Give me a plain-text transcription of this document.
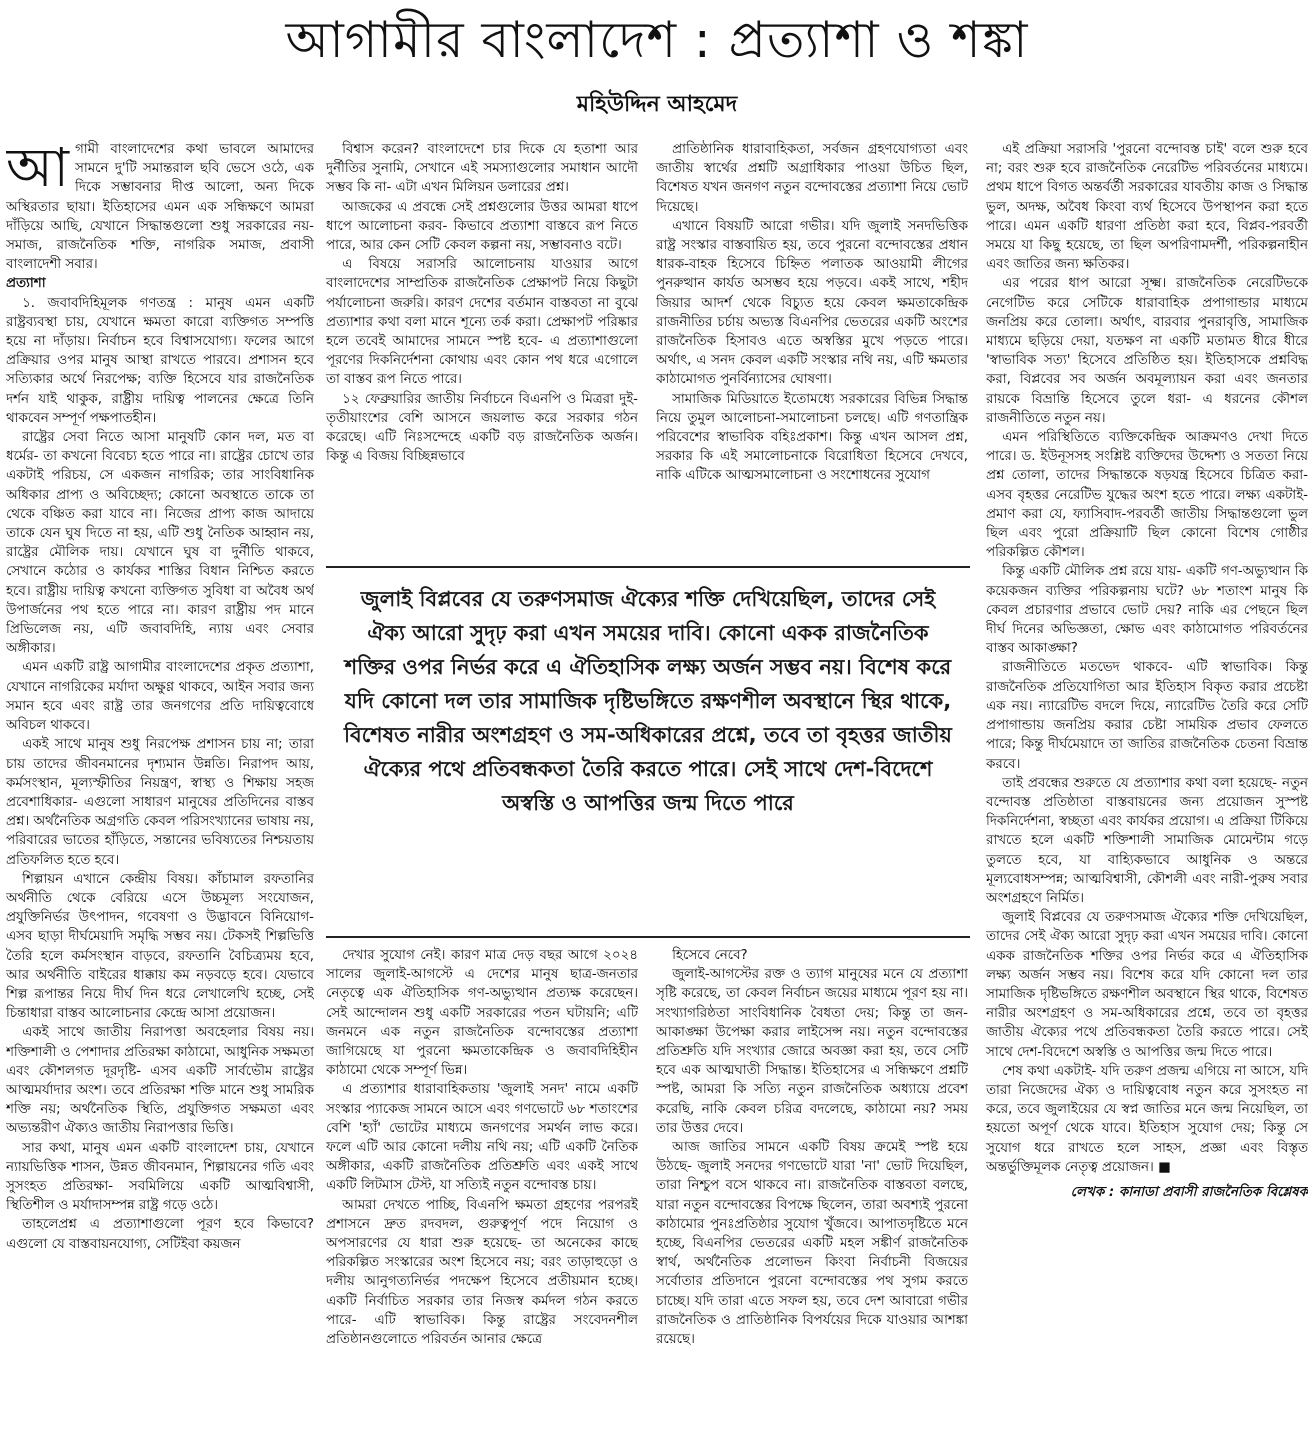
আগামীর বাংলাদেশ : প্রত্যাশা ও শঙ্কা
মহিউদ্দিন আহমেদ

আগামী বাংলাদেশের কথা ভাবলে আমাদের সামনে দু'টি সমান্তরাল ছবি ভেসে ওঠে, এক দিকে সম্ভাবনার দীপ্ত আলো, অন্য দিকে অস্থিরতার ছায়া। ইতিহাসের এমন এক সন্ধিক্ষণে আমরা দাঁড়িয়ে আছি, যেখানে সিদ্ধান্তগুলো শুধু সরকারের নয়- সমাজ, রাজনৈতিক শক্তি, নাগরিক সমাজ, প্রবাসী বাংলাদেশী সবার।

প্রত্যাশা

১. জবাবদিহিমূলক গণতন্ত্র : মানুষ এমন একটি রাষ্ট্রব্যবস্থা চায়, যেখানে ক্ষমতা কারো ব্যক্তিগত সম্পত্তি হয়ে না দাঁড়ায়। নির্বাচন হবে বিশ্বাসযোগ্য। ফলের আগে প্রক্রিয়ার ওপর মানুষ আস্থা রাখতে পারবে। প্রশাসন হবে সত্যিকার অর্থে নিরপেক্ষ; ব্যক্তি হিসেবে যার রাজনৈতিক দর্শন যাই থাকুক, রাষ্ট্রীয় দায়িত্ব পালনের ক্ষেত্রে তিনি থাকবেন সম্পূর্ণ পক্ষপাতহীন।

রাষ্ট্রের সেবা নিতে আসা মানুষটি কোন দল, মত বা ধর্মের- তা কখনো বিবেচ্য হতে পারে না। রাষ্ট্রের চোখে তার একটাই পরিচয়, সে একজন নাগরিক; তার সাংবিধানিক অধিকার প্রাপ্য ও অবিচ্ছেদ্য; কোনো অবস্থাতে তাকে তা থেকে বঞ্চিত করা যাবে না। নিজের প্রাপ্য কাজ আদায়ে তাকে যেন ঘুষ দিতে না হয়, এটি শুধু নৈতিক আহ্বান নয়, রাষ্ট্রের মৌলিক দায়। যেখানে ঘুষ বা দুর্নীতি থাকবে, সেখানে কঠোর ও কার্যকর শাস্তির বিধান নিশ্চিত করতে হবে। রাষ্ট্রীয় দায়িত্ব কখনো ব্যক্তিগত সুবিধা বা অবৈধ অর্থ উপার্জনের পথ হতে পারে না। কারণ রাষ্ট্রীয় পদ মানে প্রিভিলেজ নয়, এটি জবাবদিহি, ন্যায় এবং সেবার অঙ্গীকার।

এমন একটি রাষ্ট্র আগামীর বাংলাদেশের প্রকৃত প্রত্যাশা, যেখানে নাগরিকের মর্যাদা অক্ষুণ্ণ থাকবে, আইন সবার জন্য সমান হবে এবং রাষ্ট্র তার জনগণের প্রতি দায়িত্ববোধে অবিচল থাকবে।

একই সাথে মানুষ শুধু নিরপেক্ষ প্রশাসন চায় না; তারা চায় তাদের জীবনমানের দৃশ্যমান উন্নতি। নিরাপদ আয়, কর্মসংস্থান, মূল্যস্ফীতির নিয়ন্ত্রণ, স্বাস্থ্য ও শিক্ষায় সহজ প্রবেশাধিকার- এগুলো সাধারণ মানুষের প্রতিদিনের বাস্তব প্রশ্ন। অর্থনৈতিক অগ্রগতি কেবল পরিসংখ্যানের ভাষায় নয়, পরিবারের ভাতের হাঁড়িতে, সন্তানের ভবিষ্যতের নিশ্চয়তায় প্রতিফলিত হতে হবে।

শিল্পায়ন এখানে কেন্দ্রীয় বিষয়। কাঁচামাল রফতানির অর্থনীতি থেকে বেরিয়ে এসে উচ্চমূল্য সংযোজন, প্রযুক্তিনির্ভর উৎপাদন, গবেষণা ও উদ্ভাবনে বিনিয়োগ- এসব ছাড়া দীর্ঘমেয়াদি সমৃদ্ধি সম্ভব নয়। টেকসই শিল্পভিত্তি তৈরি হলে কর্মসংস্থান বাড়বে, রফতানি বৈচিত্র্যময় হবে, আর অর্থনীতি বাইরের ধাক্কায় কম নড়বড়ে হবে। যেভাবে শিল্প রূপান্তর নিয়ে দীর্ঘ দিন ধরে লেখালেখি হচ্ছে, সেই চিন্তাধারা বাস্তব আলোচনার কেন্দ্রে আসা প্রয়োজন।

একই সাথে জাতীয় নিরাপত্তা অবহেলার বিষয় নয়। শক্তিশালী ও পেশাদার প্রতিরক্ষা কাঠামো, আধুনিক সক্ষমতা এবং কৌশলগত দূরদৃষ্টি- এসব একটি সার্বভৌম রাষ্ট্রের আত্মমর্যাদার অংশ। তবে প্রতিরক্ষা শক্তি মানে শুধু সামরিক শক্তি নয়; অর্থনৈতিক স্থিতি, প্রযুক্তিগত সক্ষমতা এবং অভ্যন্তরীণ ঐক্যও জাতীয় নিরাপত্তার ভিত্তি।

সার কথা, মানুষ এমন একটি বাংলাদেশ চায়, যেখানে ন্যায়ভিত্তিক শাসন, উন্নত জীবনমান, শিল্পায়নের গতি এবং সুসংহত প্রতিরক্ষা- সবমিলিয়ে একটি আত্মবিশ্বাসী, স্থিতিশীল ও মর্যাদাসম্পন্ন রাষ্ট্র গড়ে ওঠে।

তাহলেপ্রশ্ন এ প্রত্যাশাগুলো পূরণ হবে কিভাবে? এগুলো যে বাস্তবায়নযোগ্য, সেটিইবা কয়জন

বিশ্বাস করেন? বাংলাদেশে চার দিকে যে হতাশা আর দুর্নীতির সুনামি, সেখানে এই সমস্যাগুলোর সমাধান আদৌ সম্ভব কি না- এটা এখন মিলিয়ন ডলারের প্রশ্ন।

আজকের এ প্রবন্ধে সেই প্রশ্নগুলোর উত্তর আমরা ধাপে ধাপে আলোচনা করব- কিভাবে প্রত্যাশা বাস্তবে রূপ নিতে পারে, আর কেন সেটি কেবল কল্পনা নয়, সম্ভাবনাও বটে।

এ বিষয়ে সরাসরি আলোচনায় যাওয়ার আগে বাংলাদেশের সাম্প্রতিক রাজনৈতিক প্রেক্ষাপট নিয়ে কিছুটা পর্যালোচনা জরুরি। কারণ দেশের বর্তমান বাস্তবতা না বুঝে প্রত্যাশার কথা বলা মানে শূন্যে তর্ক করা। প্রেক্ষাপট পরিষ্কার হলে তবেই আমাদের সামনে স্পষ্ট হবে- এ প্রত্যাশাগুলো পূরণের দিকনির্দেশনা কোথায় এবং কোন পথ ধরে এগোলে তা বাস্তব রূপ নিতে পারে।

১২ ফেব্রুয়ারির জাতীয় নির্বাচনে বিএনপি ও মিত্ররা দুই-তৃতীয়াংশের বেশি আসনে জয়লাভ করে সরকার গঠন করেছে। এটি নিঃসন্দেহে একটি বড় রাজনৈতিক অর্জন। কিন্তু এ বিজয় বিচ্ছিন্নভাবে

প্রাতিষ্ঠানিক ধারাবাহিকতা, সর্বজন গ্রহণযোগ্যতা এবং জাতীয় স্বার্থের প্রশ্নটি অগ্রাধিকার পাওয়া উচিত ছিল, বিশেষত যখন জনগণ নতুন বন্দোবস্তের প্রত্যাশা নিয়ে ভোট দিয়েছে।

এখানে বিষয়টি আরো গভীর। যদি জুলাই সনদভিত্তিক রাষ্ট্র সংস্কার বাস্তবায়িত হয়, তবে পুরনো বন্দোবস্তের প্রধান ধারক-বাহক হিসেবে চিহ্নিত পলাতক আওয়ামী লীগের পুনরুত্থান কার্যত অসম্ভব হয়ে পড়বে। একই সাথে, শহীদ জিয়ার আদর্শ থেকে বিচ্যুত হয়ে কেবল ক্ষমতাকেন্দ্রিক রাজনীতির চর্চায় অভ্যস্ত বিএনপির ভেতরের একটি অংশের রাজনৈতিক হিসাবও এতে অস্বস্তির মুখে পড়তে পারে। অর্থাৎ, এ সনদ কেবল একটি সংস্কার নথি নয়, এটি ক্ষমতার কাঠামোগত পুনর্বিন্যাসের ঘোষণা।

সামাজিক মিডিয়াতে ইতোমধ্যে সরকারের বিভিন্ন সিদ্ধান্ত নিয়ে তুমুল আলোচনা-সমালোচনা চলছে। এটি গণতান্ত্রিক পরিবেশের স্বাভাবিক বহিঃপ্রকাশ। কিন্তু এখন আসল প্রশ্ন, সরকার কি এই সমালোচনাকে বিরোধিতা হিসেবে দেখবে, নাকি এটিকে আত্মসমালোচনা ও সংশোধনের সুযোগ

জুলাই বিপ্লবের যে তরুণসমাজ ঐক্যের শক্তি দেখিয়েছিল, তাদের সেই ঐক্য আরো সুদৃঢ় করা এখন সময়ের দাবি। কোনো একক রাজনৈতিক শক্তির ওপর নির্ভর করে এ ঐতিহাসিক লক্ষ্য অর্জন সম্ভব নয়। বিশেষ করে যদি কোনো দল তার সামাজিক দৃষ্টিভঙ্গিতে রক্ষণশীল অবস্থানে স্থির থাকে, বিশেষত নারীর অংশগ্রহণ ও সম-অধিকারের প্রশ্নে, তবে তা বৃহত্তর জাতীয় ঐক্যের পথে প্রতিবন্ধকতা তৈরি করতে পারে। সেই সাথে দেশ-বিদেশে অস্বস্তি ও আপত্তির জন্ম দিতে পারে

দেখার সুযোগ নেই। কারণ মাত্র দেড় বছর আগে ২০২৪ সালের জুলাই-আগস্টে এ দেশের মানুষ ছাত্র-জনতার নেতৃত্বে এক ঐতিহাসিক গণ-অভ্যুত্থান প্রত্যক্ষ করেছেন। সেই আন্দোলন শুধু একটি সরকারের পতন ঘটায়নি; এটি জনমনে এক নতুন রাজনৈতিক বন্দোবস্তের প্রত্যাশা জাগিয়েছে যা পুরনো ক্ষমতাকেন্দ্রিক ও জবাবদিহিহীন কাঠামো থেকে সম্পূর্ণ ভিন্ন।

এ প্রত্যাশার ধারাবাহিকতায় 'জুলাই সনদ' নামে একটি সংস্কার প্যাকেজ সামনে আসে এবং গণভোটে ৬৮ শতাংশের বেশি 'হ্যাঁ' ভোটের মাধ্যমে জনগণের সমর্থন লাভ করে। ফলে এটি আর কোনো দলীয় নথি নয়; এটি একটি নৈতিক অঙ্গীকার, একটি রাজনৈতিক প্রতিশ্রুতি এবং একই সাথে একটি লিটমাস টেস্ট, যা সত্যিই নতুন বন্দোবস্ত চায়।

আমরা দেখতে পাচ্ছি, বিএনপি ক্ষমতা গ্রহণের পরপরই প্রশাসনে দ্রুত রদবদল, গুরুত্বপূর্ণ পদে নিয়োগ ও অপসারণের যে ধারা শুরু হয়েছে- তা অনেকের কাছে পরিকল্পিত সংস্কারের অংশ হিসেবে নয়; বরং তাড়াহুড়ো ও দলীয় আনুগত্যনির্ভর পদক্ষেপ হিসেবে প্রতীয়মান হচ্ছে। একটি নির্বাচিত সরকার তার নিজস্ব কর্মদল গঠন করতে পারে- এটি স্বাভাবিক। কিন্তু রাষ্ট্রের সংবেদনশীল প্রতিষ্ঠানগুলোতে পরিবর্তন আনার ক্ষেত্রে

হিসেবে নেবে?

জুলাই-আগস্টের রক্ত ও ত্যাগ মানুষের মনে যে প্রত্যাশা সৃষ্টি করেছে, তা কেবল নির্বাচন জয়ের মাধ্যমে পূরণ হয় না। সংখ্যাগরিষ্ঠতা সাংবিধানিক বৈধতা দেয়; কিন্তু তা জন-আকাঙ্ক্ষা উপেক্ষা করার লাইসেন্স নয়। নতুন বন্দোবস্তের প্রতিশ্রুতি যদি সংখ্যার জোরে অবজ্ঞা করা হয়, তবে সেটি হবে এক আত্মঘাতী সিদ্ধান্ত। ইতিহাসের এ সন্ধিক্ষণে প্রশ্নটি স্পষ্ট, আমরা কি সত্যি নতুন রাজনৈতিক অধ্যায়ে প্রবেশ করেছি, নাকি কেবল চরিত্র বদলেছে, কাঠামো নয়? সময় তার উত্তর দেবে।

আজ জাতির সামনে একটি বিষয় ক্রমেই স্পষ্ট হয়ে উঠছে- জুলাই সনদের গণভোটে যারা 'না' ভোট দিয়েছিল, তারা নিশ্চুপ বসে থাকবে না। রাজনৈতিক বাস্তবতা বলছে, যারা নতুন বন্দোবস্তের বিপক্ষে ছিলেন, তারা অবশ্যই পুরনো কাঠামোর পুনঃপ্রতিষ্ঠার সুযোগ খুঁজবে। আপাতদৃষ্টিতে মনে হচ্ছে, বিএনপির ভেতরের একটি মহল সঙ্কীর্ণ রাজনৈতিক স্বার্থ, অর্থনৈতিক প্রলোভন কিংবা নির্বাচনী বিজয়ের সর্বোতার প্রতিদানে পুরনো বন্দোবস্তের পথ সুগম করতে চাচ্ছে। যদি তারা এতে সফল হয়, তবে দেশ আবারো গভীর রাজনৈতিক ও প্রাতিষ্ঠানিক বিপর্যয়ের দিকে যাওয়ার আশঙ্কা রয়েছে।

এই প্রক্রিয়া সরাসরি 'পুরনো বন্দোবস্ত চাই' বলে শুরু হবে না; বরং শুরু হবে রাজনৈতিক নেরেটিভ পরিবর্তনের মাধ্যমে। প্রথম ধাপে বিগত অন্তর্বর্তী সরকারের যাবতীয় কাজ ও সিদ্ধান্ত ভুল, অদক্ষ, অবৈধ কিংবা ব্যর্থ হিসেবে উপস্থাপন করা হতে পারে। এমন একটি ধারণা প্রতিষ্ঠা করা হবে, বিপ্লব-পরবর্তী সময়ে যা কিছু হয়েছে, তা ছিল অপরিণামদর্শী, পরিকল্পনাহীন এবং জাতির জন্য ক্ষতিকর।

এর পরের ধাপ আরো সূক্ষ্ম। রাজনৈতিক নেরেটিভকে নেগেটিভ করে সেটিকে ধারাবাহিক প্রপাগান্ডার মাধ্যমে জনপ্রিয় করে তোলা। অর্থাৎ, বারবার পুনরাবৃত্তি, সামাজিক মাধ্যমে ছড়িয়ে দেয়া, যতক্ষণ না একটি মতামত ধীরে ধীরে 'স্বাভাবিক সত্য' হিসেবে প্রতিষ্ঠিত হয়। ইতিহাসকে প্রশ্নবিদ্ধ করা, বিপ্লবের সব অর্জন অবমূল্যায়ন করা এবং জনতার রায়কে বিভ্রান্তি হিসেবে তুলে ধরা- এ ধরনের কৌশল রাজনীতিতে নতুন নয়।

এমন পরিস্থিতিতে ব্যক্তিকেন্দ্রিক আক্রমণও দেখা দিতে পারে। ড. ইউনূসসহ সংশ্লিষ্ট ব্যক্তিদের উদ্দেশ্য ও সততা নিয়ে প্রশ্ন তোলা, তাদের সিদ্ধান্তকে ষড়যন্ত্র হিসেবে চিত্রিত করা- এসব বৃহত্তর নেরেটিভ যুদ্ধের অংশ হতে পারে। লক্ষ্য একটাই- প্রমাণ করা যে, ফ্যাসিবাদ-পরবর্তী জাতীয় সিদ্ধান্তগুলো ভুল ছিল এবং পুরো প্রক্রিয়াটি ছিল কোনো বিশেষ গোষ্ঠীর পরিকল্পিত কৌশল।

কিন্তু একটি মৌলিক প্রশ্ন রয়ে যায়- একটি গণ-অভ্যুত্থান কি কয়েকজন ব্যক্তির পরিকল্পনায় ঘটে? ৬৮ শতাংশ মানুষ কি কেবল প্রচারণার প্রভাবে ভোট দেয়? নাকি এর পেছনে ছিল দীর্ঘ দিনের অভিজ্ঞতা, ক্ষোভ এবং কাঠামোগত পরিবর্তনের বাস্তব আকাঙ্ক্ষা?

রাজনীতিতে মতভেদ থাকবে- এটি স্বাভাবিক। কিন্তু রাজনৈতিক প্রতিযোগিতা আর ইতিহাস বিকৃত করার প্রচেষ্টা এক নয়। ন্যারেটিভ বদলে দিয়ে, ন্যারেটিভ তৈরি করে সেটি প্রপাগান্ডায় জনপ্রিয় করার চেষ্টা সাময়িক প্রভাব ফেলতে পারে; কিন্তু দীর্ঘমেয়াদে তা জাতির রাজনৈতিক চেতনা বিভ্রান্ত করবে।

তাই প্রবন্ধের শুরুতে যে প্রত্যাশার কথা বলা হয়েছে- নতুন বন্দোবস্ত প্রতিষ্ঠাতা বাস্তবায়নের জন্য প্রয়োজন সুস্পষ্ট দিকনির্দেশনা, স্বচ্ছতা এবং কার্যকর প্রয়োগ। এ প্রক্রিয়া টিকিয়ে রাখতে হলে একটি শক্তিশালী সামাজিক মোমেন্টাম গড়ে তুলতে হবে, যা বাহ্যিকভাবে আধুনিক ও অন্তরে মূল্যবোধসম্পন্ন; আত্মবিশ্বাসী, কৌশলী এবং নারী-পুরুষ সবার অংশগ্রহণে নির্মিত।

জুলাই বিপ্লবের যে তরুণসমাজ ঐক্যের শক্তি দেখিয়েছিল, তাদের সেই ঐক্য আরো সুদৃঢ় করা এখন সময়ের দাবি। কোনো একক রাজনৈতিক শক্তির ওপর নির্ভর করে এ ঐতিহাসিক লক্ষ্য অর্জন সম্ভব নয়। বিশেষ করে যদি কোনো দল তার সামাজিক দৃষ্টিভঙ্গিতে রক্ষণশীল অবস্থানে স্থির থাকে, বিশেষত নারীর অংশগ্রহণ ও সম-অধিকারের প্রশ্নে, তবে তা বৃহত্তর জাতীয় ঐক্যের পথে প্রতিবন্ধকতা তৈরি করতে পারে। সেই সাথে দেশ-বিদেশে অস্বস্তি ও আপত্তির জন্ম দিতে পারে।

শেষ কথা একটাই- যদি তরুণ প্রজন্ম এগিয়ে না আসে, যদি তারা নিজেদের ঐক্য ও দায়িত্ববোধ নতুন করে সুসংহত না করে, তবে জুলাইয়ের যে স্বপ্ন জাতির মনে জন্ম নিয়েছিল, তা হয়তো অপূর্ণ থেকে যাবে। ইতিহাস সুযোগ দেয়; কিন্তু সে সুযোগ ধরে রাখতে হলে সাহস, প্রজ্ঞা এবং বিস্তৃত অন্তর্ভুক্তিমূলক নেতৃত্ব প্রয়োজন। ■

লেখক : কানাডা প্রবাসী রাজনৈতিক বিশ্লেষক
